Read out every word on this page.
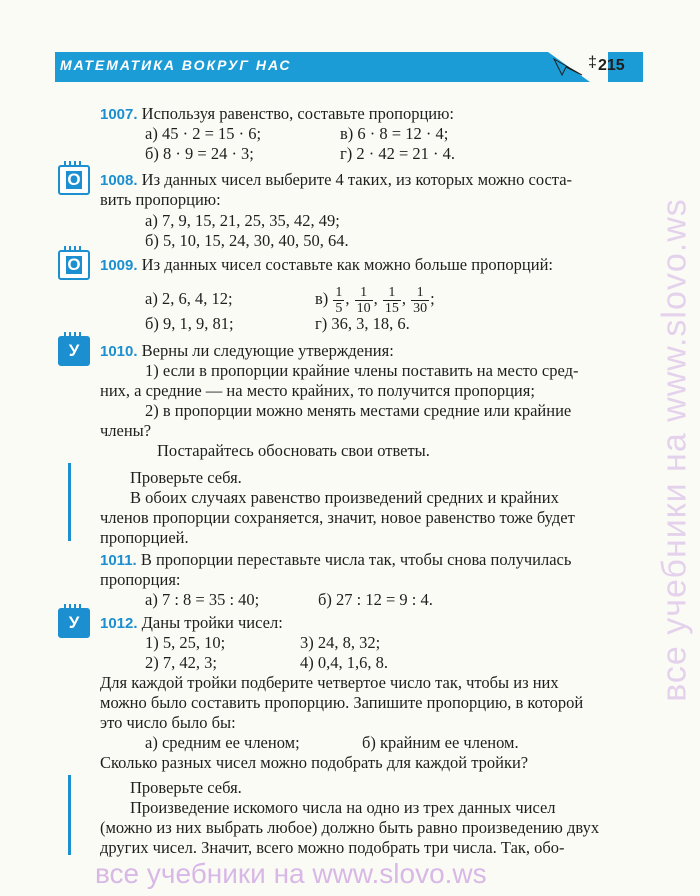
МАТЕМАТИКА ВОКРУГ НАС	‡ 215
1007. Используя равенство, составьте пропорцию:
а) 45 · 2 = 15 · 6;	в) 6 · 8 = 12 · 4;
б) 8 · 9 = 24 · 3;	г) 2 · 42 = 21 · 4.
О	1008. Из данных чисел выберите 4 таких, из которых можно соста-
вить пропорцию:
а) 7, 9, 15, 21, 25, 35, 42, 49;
б) 5, 10, 15, 24, 30, 40, 50, 64.
О	1009. Из данных чисел составьте как можно больше пропорций:
а) 2, 6, 4, 12;	$в) \frac{1}{5}$ , $\frac{1}{10}$ , $\frac{1}{15}$ , $\frac{1}{30}$ ;
б) 9, 1, 9, 81;	г) 36, 3, 18, 6.
У	1010. Верны ли следующие утверждения:
1) если в пропорции крайние члены поставить на место сред-
них, а средние — на место крайних, то получится пропорция;
2) в пропорции можно менять местами средние или крайние
члены?
Постарайтесь обосновать свои ответы.
Проверьте себя.
В обоих случаях равенство произведений средних и крайних
членов пропорции сохраняется, значит, новое равенство тоже будет
пропорцией.
1011. В пропорции переставьте числа так, чтобы снова получилась
пропорция:
а) 7 : 8 = 35 : 40;	б) 27 : 12 = 9 : 4.
У	1012. Даны тройки чисел:
1) 5, 25, 10;	3) 24, 8, 32;
2) 7, 42, 3;	4) 0,4, 1,6, 8.
Для каждой тройки подберите четвертое число так, чтобы из них
можно было составить пропорцию. Запишите пропорцию, в которой
это число было бы:
а) средним ее членом;	б) крайним ее членом.
Сколько разных чисел можно подобрать для каждой тройки?
Проверьте себя.
Произведение искомого числа на одно из трех данных чисел
(можно из них выбрать любое) должно быть равно произведению двух
других чисел. Значит, всего можно подобрать три числа. Так, обо-
все учебники на www.slovo.ws
все учебники на www.slovo.ws
